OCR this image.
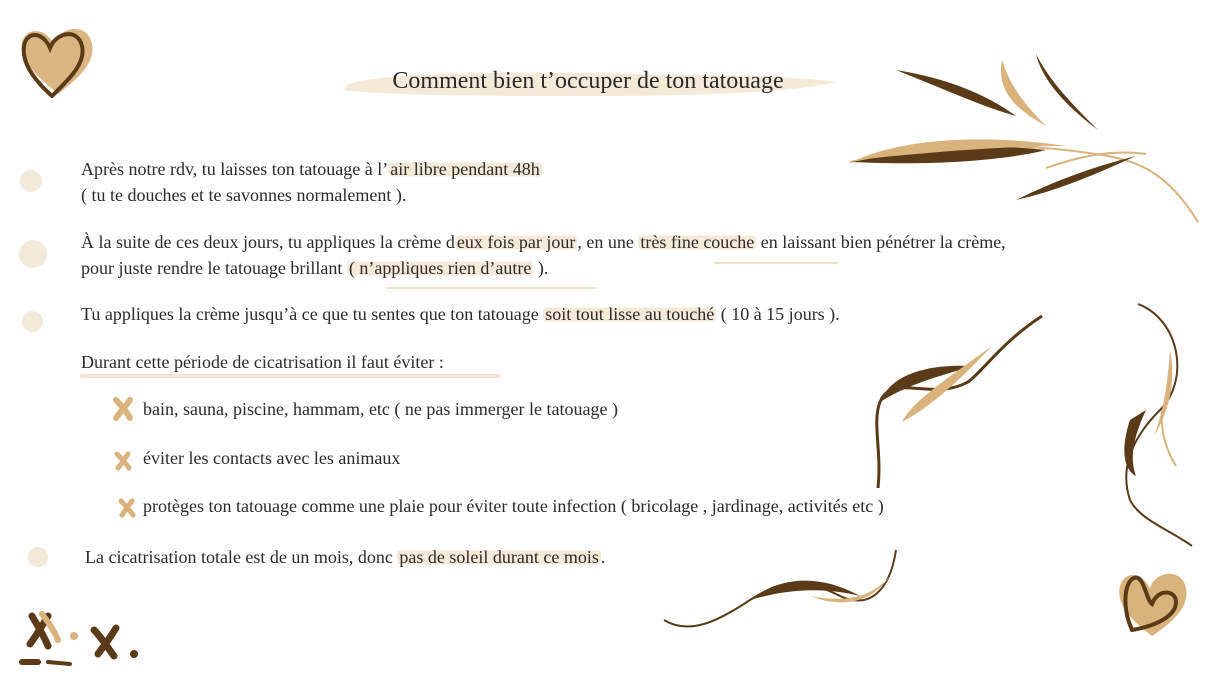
Comment bien t’occuper de ton tatouage
Après notre rdv, tu laisses ton tatouage à l’ air libre pendant 48h
( tu te douches et te savonnes normalement ).
À la suite de ces deux jours, tu appliques la crème d eux fois par jour , en une très fine couche en laissant bien pénétrer la crème,
pour juste rendre le tatouage brillant ( n’appliques rien d’autre ).
Tu appliques la crème jusqu’à ce que tu sentes que ton tatouage soit tout lisse au touché ( 10 à 15 jours ).
Durant cette période de cicatrisation il faut éviter :
bain, sauna, piscine, hammam, etc ( ne pas immerger le tatouage )
éviter les contacts avec les animaux
protèges ton tatouage comme une plaie pour éviter toute infection ( bricolage , jardinage, activités etc )
La cicatrisation totale est de un mois, donc pas de soleil durant ce mois .
